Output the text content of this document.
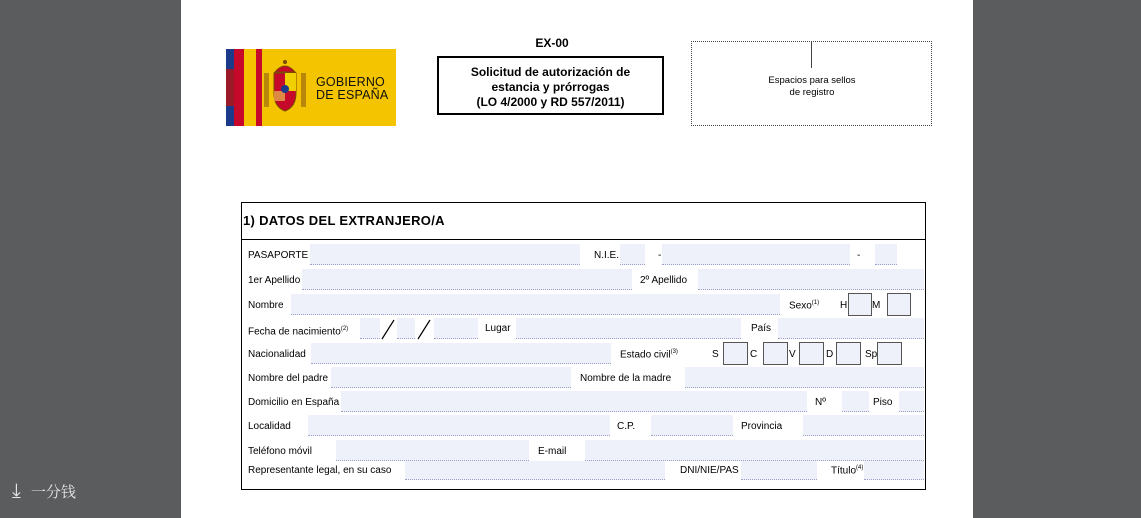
GOBIERNO
DE ESPAÑA
EX-00
Solicitud de autorización de
estancia y prórrogas
(LO 4/2000 y RD 557/2011)
Espacios para sellos
de registro
1) DATOS DEL EXTRANJERO/A
PASAPORTE	N.I.E.	-	-
1er Apellido	2º Apellido
Nombre	Sexo$^{(1)}$ H M
Fecha de nacimiento$^{(2)}$	Lugar	País
Nacionalidad	Estado civil$^{(3)}$	S	C	V	D	Sp
Nombre del padre	Nombre de la madre
Domicilio en España	Nº	Piso
Localidad	C.P.	Provincia
Teléfono móvil	E-mail
Representante legal, en su caso	DNI/NIE/PAS	Título$^{(4)}$
⤓ 一分钱
